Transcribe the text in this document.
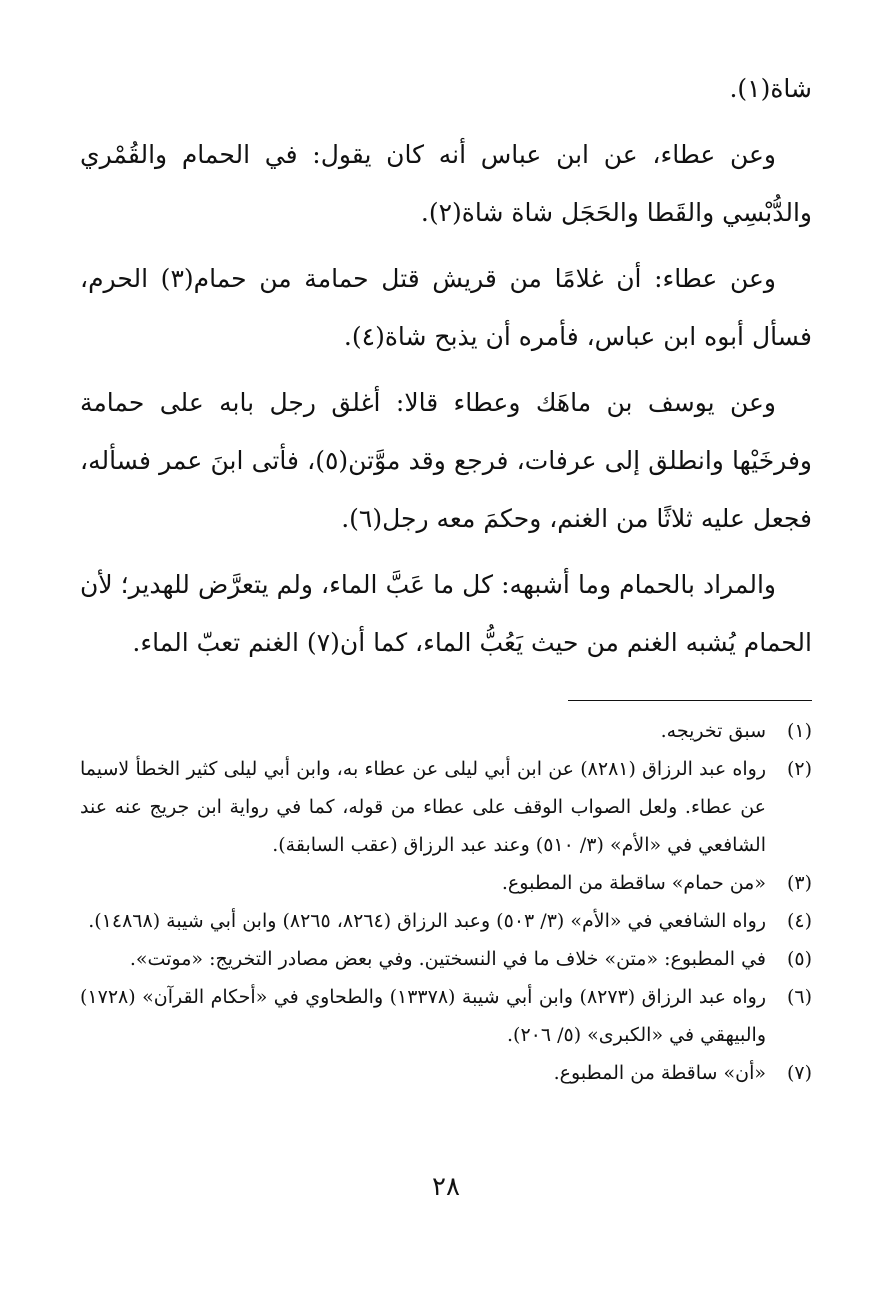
شاة(١).

وعن عطاء، عن ابن عباس أنه كان يقول: في الحمام والقُمْري والدُّبْسِي والقَطا والحَجَل شاة شاة(٢).

وعن عطاء: أن غلامًا من قريش قتل حمامة من حمام(٣) الحرم، فسأل أبوه ابن عباس، فأمره أن يذبح شاة(٤).

وعن يوسف بن ماهَك وعطاء قالا: أغلق رجل بابه على حمامة وفرخَيْها وانطلق إلى عرفات، فرجع وقد موَّتن(٥)، فأتى ابنَ عمر فسأله، فجعل عليه ثلاثًا من الغنم، وحكمَ معه رجل(٦).

والمراد بالحمام وما أشبهه: كل ما عَبَّ الماء، ولم يتعرَّض للهدير؛ لأن الحمام يُشبه الغنم من حيث يَعُبُّ الماء، كما أن(٧) الغنم تعبّ الماء.

(١)
سبق تخريجه.
(٢)
رواه عبد الرزاق (٨٢٨١) عن ابن أبي ليلى عن عطاء به، وابن أبي ليلى كثير الخطأ لاسيما عن عطاء. ولعل الصواب الوقف على عطاء من قوله، كما في رواية ابن جريج عنه عند الشافعي في «الأم» (٣/ ٥١٠) وعند عبد الرزاق (عقب السابقة).
(٣)
«من حمام» ساقطة من المطبوع.
(٤)
رواه الشافعي في «الأم» (٣/ ٥٠٣) وعبد الرزاق (٨٢٦٤، ٨٢٦٥) وابن أبي شيبة (١٤٨٦٨).
(٥)
في المطبوع: «متن» خلاف ما في النسختين. وفي بعض مصادر التخريج: «موتت».
(٦)
رواه عبد الرزاق (٨٢٧٣) وابن أبي شيبة (١٣٣٧٨) والطحاوي في «أحكام القرآن» (١٧٢٨) والبيهقي في «الكبرى» (٥/ ٢٠٦).
(٧)
«أن» ساقطة من المطبوع.
٢٨
